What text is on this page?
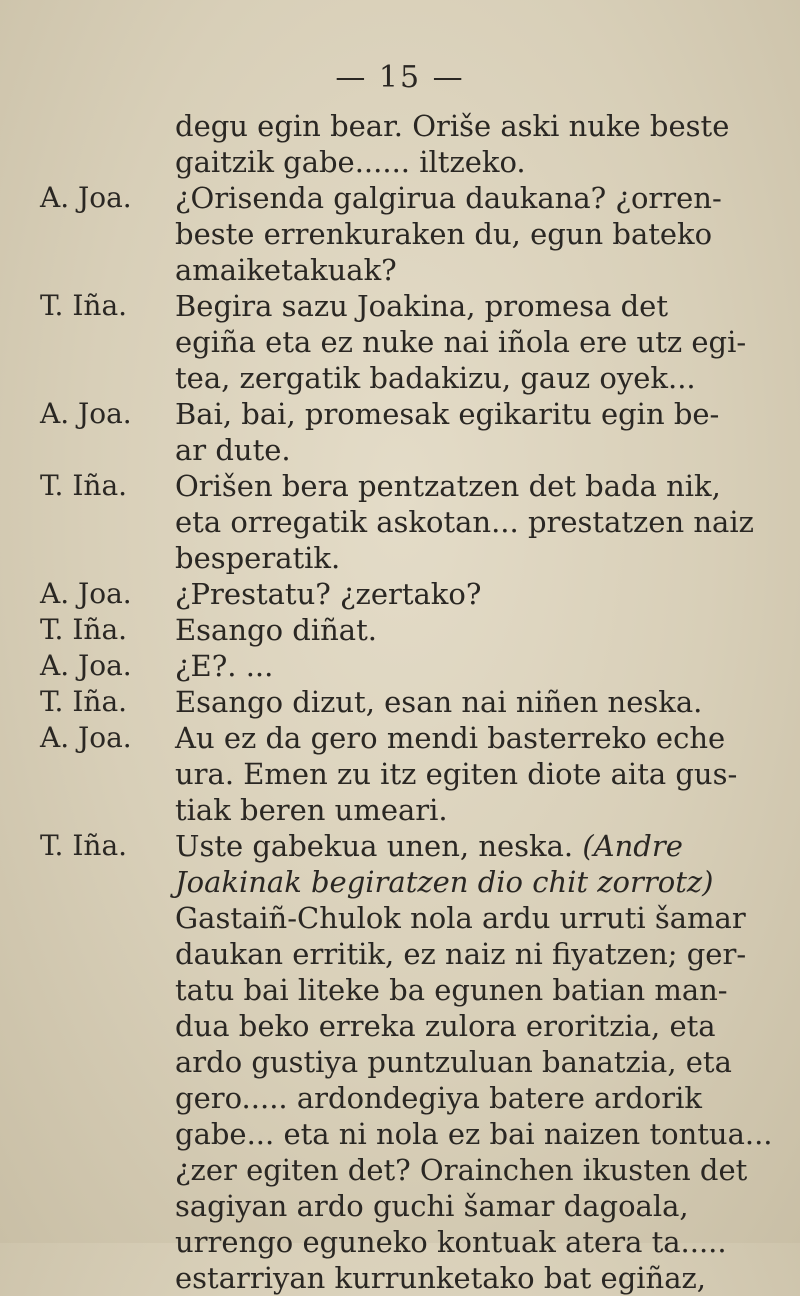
— 15 —
degu egin bear. Oriše aski nuke beste
gaitzik gabe...... iltzeko.
A. Joa.	¿Orisenda galgirua daukana? ¿orren-
beste errenkuraken du, egun bateko
amaiketakuak?
T. Iña.	Begira sazu Joakina, promesa det
egiña eta ez nuke nai iñola ere utz egi-
tea, zergatik badakizu, gauz oyek...
A. Joa.	Bai, bai, promesak egikaritu egin be-
ar dute.
T. Iña.	Orišen bera pentzatzen det bada nik,
eta orregatik askotan... prestatzen naiz
besperatik.
A. Joa.	¿Prestatu? ¿zertako?
T. Iña.	Esango diñat.
A. Joa.	¿E?. ...
T. Iña.	Esango dizut, esan nai niñen neska.
A. Joa.	Au ez da gero mendi basterreko eche
ura. Emen zu itz egiten diote aita gus-
tiak beren umeari.
T. Iña.	Uste gabekua unen, neska. (Andre
Joakinak begiratzen dio chit zorrotz)
Gastaiñ-Chulok nola ardu urruti šamar
daukan erritik, ez naiz ni fiyatzen; ger-
tatu bai liteke ba egunen batian man-
dua beko erreka zulora eroritzia, eta
ardo gustiya puntzuluan banatzia, eta
gero..... ardondegiya batere ardorik
gabe... eta ni nola ez bai naizen tontua...
¿zer egiten det? Orainchen ikusten det
sagiyan ardo guchi šamar dagoala,
urrengo eguneko kontuak atera ta.....
estarriyan kurrunketako bat egiñaz,
